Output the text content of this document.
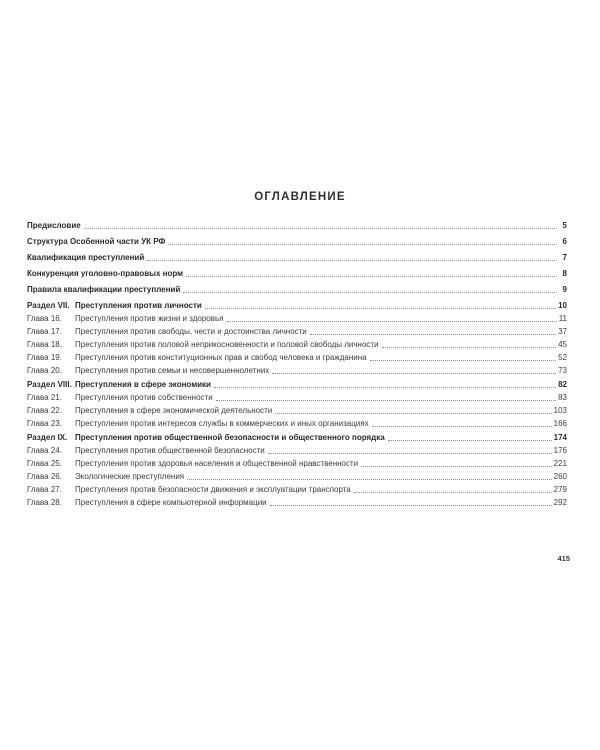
ОГЛАВЛЕНИЕ
Предисловие	5
Структура Особенной части УК РФ	6
Квалификация преступлений	7
Конкуренция уголовно-правовых норм	8
Правила квалификации преступлений	9
Раздел VII. Преступления против личности	10
Глава 16.	Преступления против жизни и здоровья	11
Глава 17.	Преступления против свободы, чести и достоинства личности	37
Глава 18.	Преступления против половой неприкосновенности и половой свободы личности	45
Глава 19.	Преступления против конституционных прав и свобод человека и гражданина	52
Глава 20.	Преступления против семьи и несовершеннолетних	73
Раздел VIII. Преступления в сфере экономики	82
Глава 21.	Преступления против собственности	83
Глава 22.	Преступления в сфере экономической деятельности	103
Глава 23.	Преступления против интересов службы в коммерческих и иных организациях	166
Раздел IX. Преступления против общественной безопасности и общественного порядка	174
Глава 24.	Преступления против общественной безопасности	176
Глава 25.	Преступления против здоровья населения и общественной нравственности	221
Глава 26.	Экологические преступления	260
Глава 27.	Преступления против безопасности движения и эксплуатации транспорта	279
Глава 28.	Преступления в сфере компьютерной информации	292
415
